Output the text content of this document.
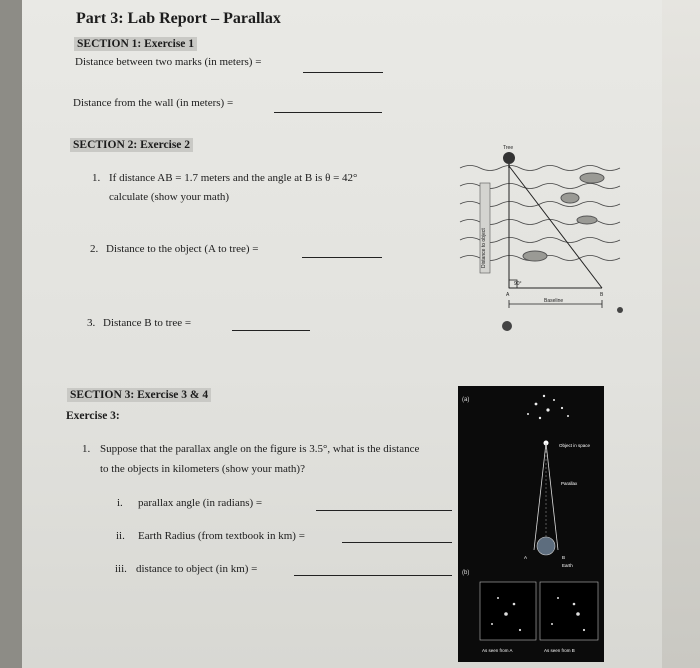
Part 3: Lab Report – Parallax
SECTION 1: Exercise 1
Distance between two marks (in meters) =
Distance from the wall (in meters) =
SECTION 2: Exercise 2
1. If distance AB = 1.7 meters and the angle at B is θ = 42°
calculate (show your math)
2. Distance to the object (A to tree) =
3. Distance B to tree =
SECTION 3: Exercise 3 & 4
Exercise 3:
1. Suppose that the parallax angle on the figure is 3.5°, what is the distance
to the objects in kilometers (show your math)?
i. parallax angle (in radians) =
ii. Earth Radius (from textbook in km) =
iii. distance to object (in km) =
Distance to object
Tree
90°
A	B
Baseline
(a)
Object in space
Parallax
A	B
Earth
(b)
As seen from A	As seen from B
